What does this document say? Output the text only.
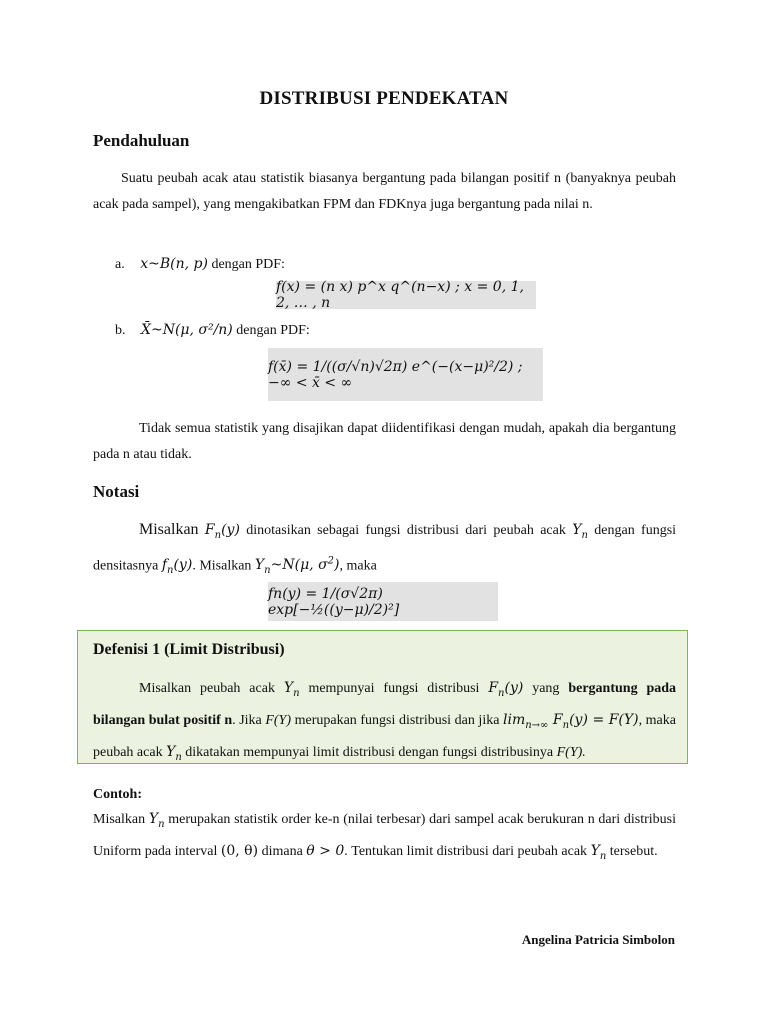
DISTRIBUSI PENDEKATAN
Pendahuluan
Suatu peubah acak atau statistik biasanya bergantung pada bilangan positif n (banyaknya peubah acak pada sampel), yang mengakibatkan FPM dan FDKnya juga bergantung pada nilai n.
a. x~B(n, p) dengan PDF:
f(x) = (n x) p^x q^(n−x) ; x = 0, 1, 2, … , n
b. X̄~N(μ, σ²/n) dengan PDF:
f(x̄) = 1/((σ/√n)√2π) e^(−(x−μ)²/2) ; −∞ < x̄ < ∞
Tidak semua statistik yang disajikan dapat diidentifikasi dengan mudah, apakah dia bergantung pada n atau tidak.
Notasi
Misalkan $F_n(y)$ dinotasikan sebagai fungsi distribusi dari peubah acak $Y_n$ dengan fungsi densitasnya $f_n(y)$. Misalkan $Y_n\sim N(\mu$, $\sigma^2$), maka
fn(y) = 1/(σ√2π) exp[−½((y−μ)/2)²]
Defenisi 1 (Limit Distribusi)
Misalkan peubah acak $Y_n$ mempunyai fungsi distribusi $F_n(y)$ yang bergantung pada bilangan bulat positif n. Jika F(Y) merupakan fungsi distribusi dan jika $\lim_{n\to\infty} F_n(y) = F(Y)$, maka peubah acak $Y_n$ dikatakan mempunyai limit distribusi dengan fungsi distribusinya F(Y).
Contoh:
Misalkan $Y_n$ merupakan statistik order ke-n (nilai terbesar) dari sampel acak berukuran n dari distribusi Uniform pada interval (0, θ) dimana θ > 0. Tentukan limit distribusi dari peubah acak $Y_n$ tersebut.
Angelina Patricia Simbolon
